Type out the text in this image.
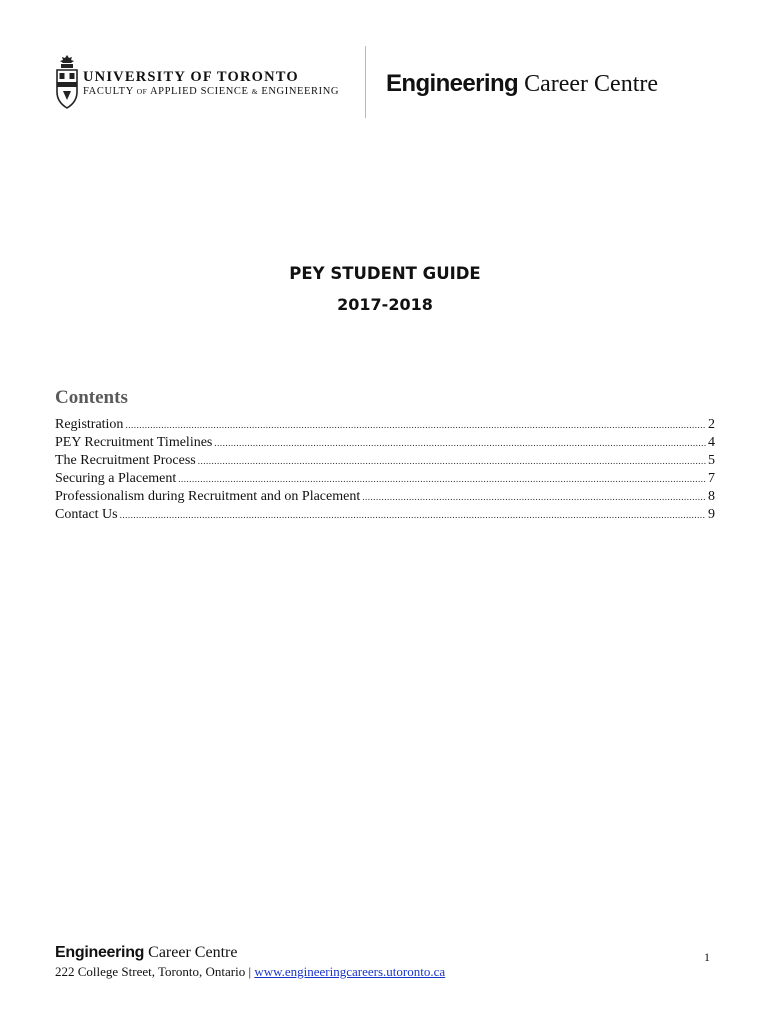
UNIVERSITY OF TORONTO
FACULTY OF APPLIED SCIENCE & ENGINEERING Engineering Career Centre
PEY STUDENT GUIDE
2017-2018
Contents
Registration .....	2
PEY Recruitment Timelines .....	4
The Recruitment Process .....	5
Securing a Placement .....	7
Professionalism during Recruitment and on Placement .....	8
Contact Us .....	9
Engineering Career Centre
222 College Street, Toronto, Ontario | www.engineeringcareers.utoronto.ca
1
